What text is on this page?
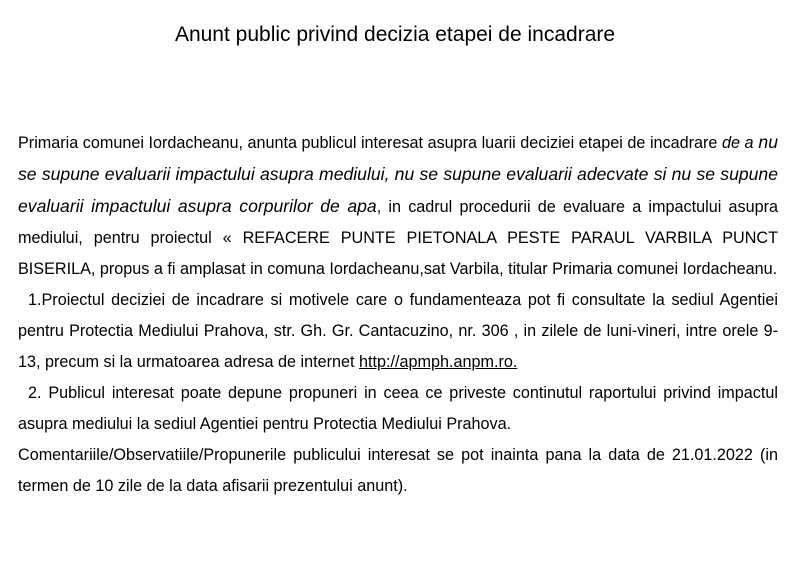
Anunt public privind decizia etapei de incadrare

Primaria comunei Iordacheanu, anunta publicul interesat asupra luarii deciziei etapei de incadrare de a nu se supune evaluarii impactului asupra mediului, nu se supune evaluarii adecvate si nu se supune evaluarii impactului asupra corpurilor de apa, in cadrul procedurii de evaluare a impactului asupra mediului, pentru proiectul « REFACERE PUNTE PIETONALA PESTE PARAUL VARBILA PUNCT BISERILA, propus a fi amplasat in comuna Iordacheanu,sat Varbila, titular Primaria comunei Iordacheanu.

1.Proiectul deciziei de incadrare si motivele care o fundamenteaza pot fi consultate la sediul Agentiei pentru Protectia Mediului Prahova, str. Gh. Gr. Cantacuzino, nr. 306 , in zilele de luni-vineri, intre orele 9-13, precum si la urmatoarea adresa de internet http://apmph.anpm.ro.

2. Publicul interesat poate depune propuneri in ceea ce priveste continutul raportului privind impactul asupra mediului la sediul Agentiei pentru Protectia Mediului Prahova.

Comentariile/Observatiile/Propunerile publicului interesat se pot inainta pana la data de 21.01.2022 (in termen de 10 zile de la data afisarii prezentului anunt).
